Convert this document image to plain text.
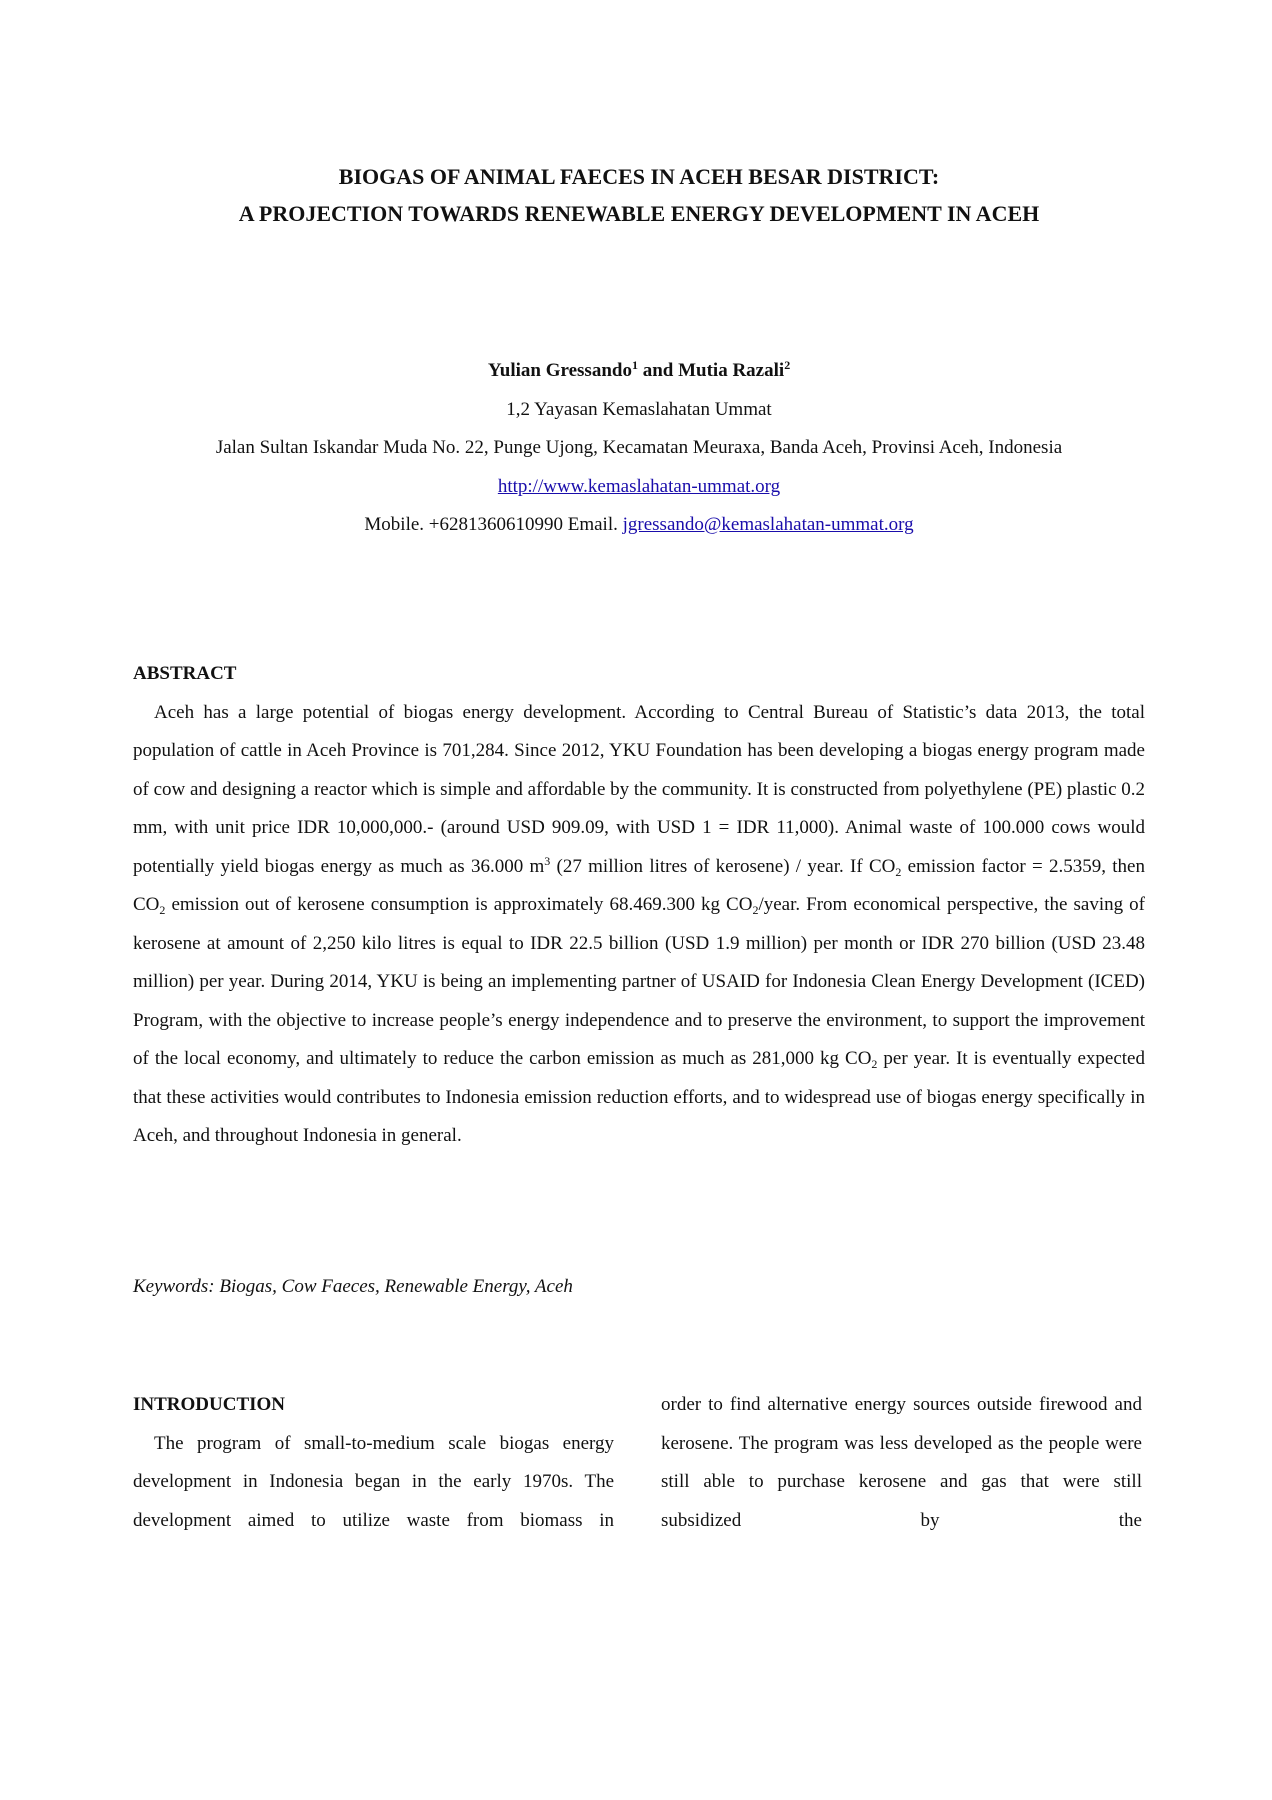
BIOGAS OF ANIMAL FAECES IN ACEH BESAR DISTRICT:
A PROJECTION TOWARDS RENEWABLE ENERGY DEVELOPMENT IN ACEH
Yulian Gressando$^1$ and Mutia Razali$^2$
1,2 Yayasan Kemaslahatan Ummat
Jalan Sultan Iskandar Muda No. 22, Punge Ujong, Kecamatan Meuraxa, Banda Aceh, Provinsi Aceh, Indonesia
http://www.kemaslahatan-ummat.org
Mobile. +6281360610990 Email. jgressando@kemaslahatan-ummat.org
ABSTRACT

Aceh has a large potential of biogas energy development. According to Central Bureau of Statistic’s data 2013, the total population of cattle in Aceh Province is 701,284. Since 2012, YKU Foundation has been developing a biogas energy program made of cow and designing a reactor which is simple and affordable by the community. It is constructed from polyethylene (PE) plastic 0.2 mm, with unit price IDR 10,000,000.- (around USD 909.09, with USD 1 = IDR 11,000). Animal waste of 100.000 cows would potentially yield biogas energy as much as 36.000 $m^3$ (27 million litres of kerosene) / year. If $CO_2$ emission factor = 2.5359, then $CO_2$ emission out of kerosene consumption is approximately 68.469.300 kg $CO_2$/year. From economical perspective, the saving of kerosene at amount of 2,250 kilo litres is equal to IDR 22.5 billion (USD 1.9 million) per month or IDR 270 billion (USD 23.48 million) per year. During 2014, YKU is being an implementing partner of USAID for Indonesia Clean Energy Development (ICED) Program, with the objective to increase people’s energy independence and to preserve the environment, to support the improvement of the local economy, and ultimately to reduce the carbon emission as much as 281,000 kg $CO_2$ per year. It is eventually expected that these activities would contributes to Indonesia emission reduction efforts, and to widespread use of biogas energy specifically in Aceh, and throughout Indonesia in general.

Keywords: Biogas, Cow Faeces, Renewable Energy, Aceh
INTRODUCTION

The program of small-to-medium scale biogas energy development in Indonesia began in the early 1970s. The development aimed to utilize waste from biomass in

order to find alternative energy sources outside firewood and kerosene. The program was less developed as the people were still able to purchase kerosene and gas that were still subsidized by the
